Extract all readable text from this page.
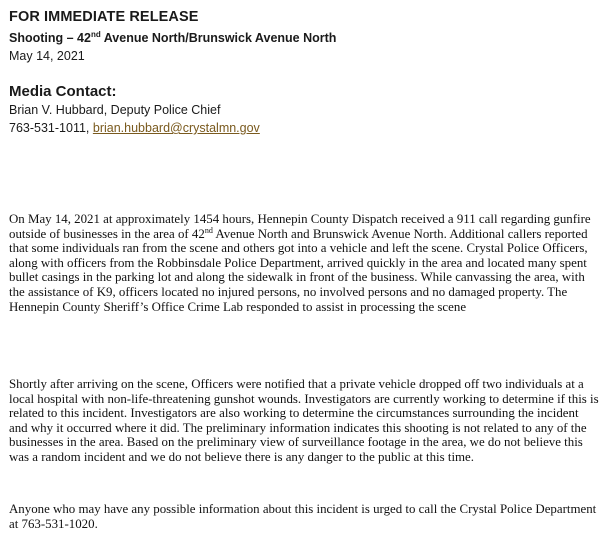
FOR IMMEDIATE RELEASE
Shooting – 42nd Avenue North/Brunswick Avenue North
May 14, 2021
Media Contact:
Brian V. Hubbard, Deputy Police Chief
763-531-1011, brian.hubbard@crystalmn.gov

On May 14, 2021 at approximately 1454 hours, Hennepin County Dispatch received a 911 call regarding gunfire outside of businesses in the area of 42nd Avenue North and Brunswick Avenue North. Additional callers reported that some individuals ran from the scene and others got into a vehicle and left the scene. Crystal Police Officers, along with officers from the Robbinsdale Police Department, arrived quickly in the area and located many spent bullet casings in the parking lot and along the sidewalk in front of the business. While canvassing the area, with the assistance of K9, officers located no injured persons, no involved persons and no damaged property. The Hennepin County Sheriff’s Office Crime Lab responded to assist in processing the scene

Shortly after arriving on the scene, Officers were notified that a private vehicle dropped off two individuals at a local hospital with non-life-threatening gunshot wounds. Investigators are currently working to determine if this is related to this incident. Investigators are also working to determine the circumstances surrounding the incident and why it occurred where it did. The preliminary information indicates this shooting is not related to any of the businesses in the area. Based on the preliminary view of surveillance footage in the area, we do not believe this was a random incident and we do not believe there is any danger to the public at this time.

Anyone who may have any possible information about this incident is urged to call the Crystal Police Department at 763-531-1020.
